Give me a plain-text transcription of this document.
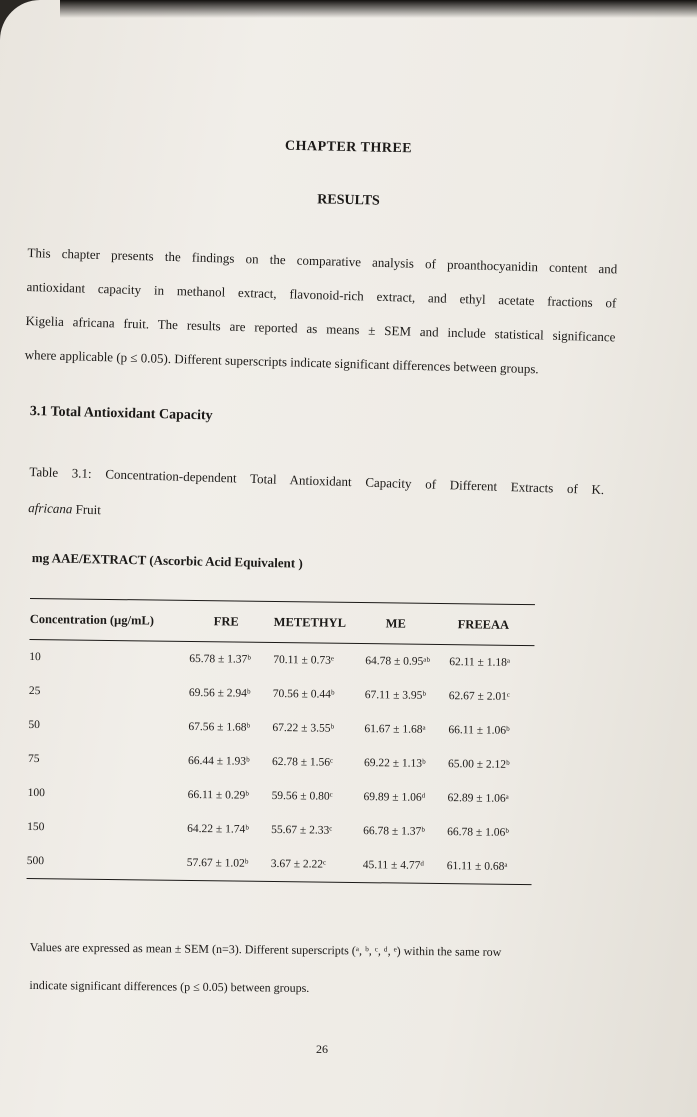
CHAPTER THREE
RESULTS

This chapter presents the findings on the comparative analysis of proanthocyanidin content and

antioxidant capacity in methanol extract, flavonoid-rich extract, and ethyl acetate fractions of

Kigelia africana fruit. The results are reported as means ± SEM and include statistical significance

where applicable (p ≤ 0.05). Different superscripts indicate significant differences between groups.

3.1 Total Antioxidant Capacity

Table 3.1: Concentration-dependent Total Antioxidant Capacity of Different Extracts of K.

africana Fruit

mg AAE/EXTRACT (Ascorbic Acid Equivalent )
Concentration (µg/mL)	FRE	METETHYL	ME	FREEAA
10	65.78 ± 1.37ᵇ	70.11 ± 0.73ᵉ	64.78 ± 0.95ᵃᵇ	62.11 ± 1.18ᵃ
25	69.56 ± 2.94ᵇ	70.56 ± 0.44ᵇ	67.11 ± 3.95ᵇ	62.67 ± 2.01ᶜ
50	67.56 ± 1.68ᵇ	67.22 ± 3.55ᵇ	61.67 ± 1.68ᵃ	66.11 ± 1.06ᵇ
75	66.44 ± 1.93ᵇ	62.78 ± 1.56ᶜ	69.22 ± 1.13ᵇ	65.00 ± 2.12ᵇ
100	66.11 ± 0.29ᵇ	59.56 ± 0.80ᶜ	69.89 ± 1.06ᵈ	62.89 ± 1.06ᵃ
150	64.22 ± 1.74ᵇ	55.67 ± 2.33ᶜ	66.78 ± 1.37ᵇ	66.78 ± 1.06ᵇ
500	57.67 ± 1.02ᵇ	3.67 ± 2.22ᶜ	45.11 ± 4.77ᵈ	61.11 ± 0.68ᵃ

Values are expressed as mean ± SEM (n=3). Different superscripts (ᵃ, ᵇ, ᶜ, ᵈ, ᵉ) within the same row

indicate significant differences (p ≤ 0.05) between groups.

26
